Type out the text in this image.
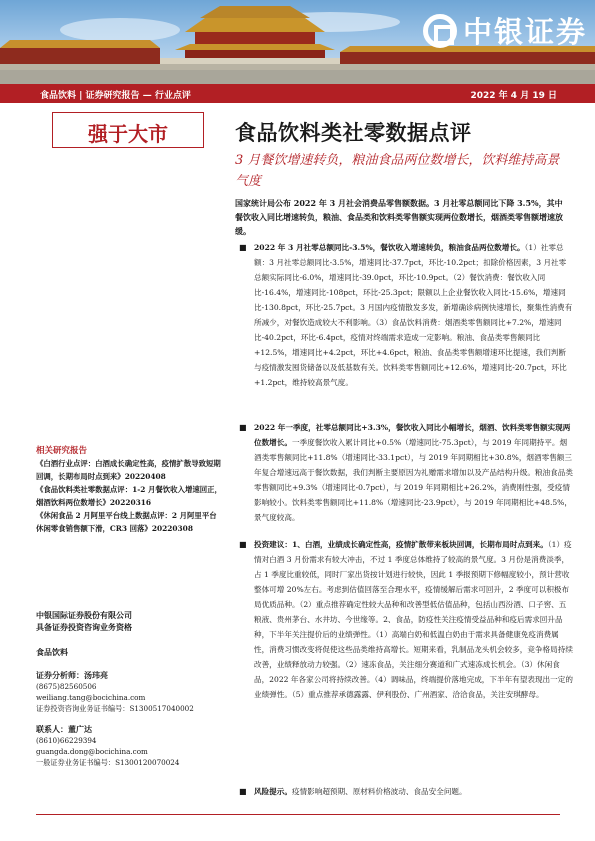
中银证券
食品饮料 | 证券研究报告 — 行业点评	2022 年 4 月 19 日
强于大市	食品饮料类社零数据点评
3 月餐饮增速转负，粮油食品两位数增长，饮料维持高景气度
国家统计局公布 2022 年 3 月社会消费品零售额数据。3 月社零总额同比下降 3.5%，其中餐饮收入同比增速转负，粮油、食品类和饮料类零售额实现两位数增长，烟酒类零售额增速放缓。
■ 2022 年 3 月社零总额同比-3.5%，餐饮收入增速转负，粮油食品两位数增长。（1）社零总额：3 月社零总额同比-3.5%，增速同比-37.7pct，环比-10.2pct；扣除价格因素，3 月社零总额实际同比-6.0%，增速同比-39.0pct，环比-10.9pct。（2）餐饮消费：餐饮收入同比-16.4%，增速同比-108pct，环比-25.3pct；限额以上企业餐饮收入同比-15.6%，增速同比-130.8pct，环比-25.7pct。3 月国内疫情散发多发，新增确诊病例快速增长，聚集性消费有所减少，对餐饮造成较大不利影响。（3）食品饮料消费：烟酒类零售额同比+7.2%，增速同比-40.2pct，环比-6.4pct，疫情对终端需求造成一定影响。粮油、食品类零售额同比+12.5%，增速同比+4.2pct，环比+4.6pct，粮油、食品类零售额增速环比提速，我们判断与疫情激发囤货储备以及低基数有关。饮料类零售额同比+12.6%，增速同比-20.7pct，环比+1.2pct，维持较高景气度。
■ 2022 年一季度，社零总额同比+3.3%，餐饮收入同比小幅增长，烟酒、饮料类零售额实现两位数增长。一季度餐饮收入累计同比+0.5%（增速同比-75.3pct），与 2019 年同期持平。烟酒类零售额同比+11.8%（增速同比-33.1pct），与 2019 年同期相比+30.8%，烟酒零售额三年复合增速远高于餐饮数据，我们判断主要原因为礼赠需求增加以及产品结构升级。粮油食品类零售额同比+9.3%（增速同比-0.7pct），与 2019 年同期相比+26.2%，消费刚性强，受疫情影响较小。饮料类零售额同比+11.8%（增速同比-23.9pct），与 2019 年同期相比+48.5%，景气度较高。
■ 投资建议：1、白酒，业绩成长确定性高，疫情扩散带来板块回调，长期布局时点到来。（1）疫情对白酒 3 月份需求有较大冲击，不过 1 季度总体维持了较高的景气度。3 月份是消费淡季，占 1 季度比重较低，同时厂家出货按计划进行较快，因此 1 季报预期下修幅度较小，预计营收整体可增 20%左右。考虑到估值回落至合理水平，疫情缓解后需求可回升，2 季度可以积极布局优质品种。（2）重点推荐确定性较大品种和改善型低估值品种，包括山西汾酒、口子窖、五粮液、贵州茅台、水井坊、今世缘等。2、食品，防疫性关注疫情受益品种和疫后需求回升品种，下半年关注提价后的业绩弹性。（1）高端白奶和低温白奶由于需求具备健康免疫消费属性，消费习惯改变将促使这些品类维持高增长。短期来看，乳制品龙头机会较多，竞争格局持续改善，业绩释放动力较强。（2）速冻食品，关注细分赛道和广式速冻成长机会。（3）休闲食品，2022 年各家公司将持续改善。（4）调味品，终端提价落地完成，下半年有望表现出一定的业绩弹性。（5）重点推荐承德露露、伊利股份、广州酒家、洽洽食品，关注安琪酵母。
■ 风险提示。疫情影响超预期、原材料价格波动、食品安全问题。
相关研究报告
《白酒行业点评：白酒成长确定性高，疫情扩散导致短期回调，长期布局时点到来》20220408
《食品饮料类社零数据点评：1-2 月餐饮收入增速回正，烟酒饮料两位数增长》20220316
《休闲食品 2 月阿里平台线上数据点评：2 月阿里平台休闲零食销售额下滑，CR3 回落》20220308
中银国际证券股份有限公司
具备证券投资咨询业务资格
食品饮料
证券分析师：汤玮亮
(8675)82560506
weiliang.tang@bocichina.com
证券投资咨询业务证书编号：S1300517040002
联系人：董广达
(8610)66229394
guangda.dong@bocichina.com
一般证券业务证书编号：S1300120070024
